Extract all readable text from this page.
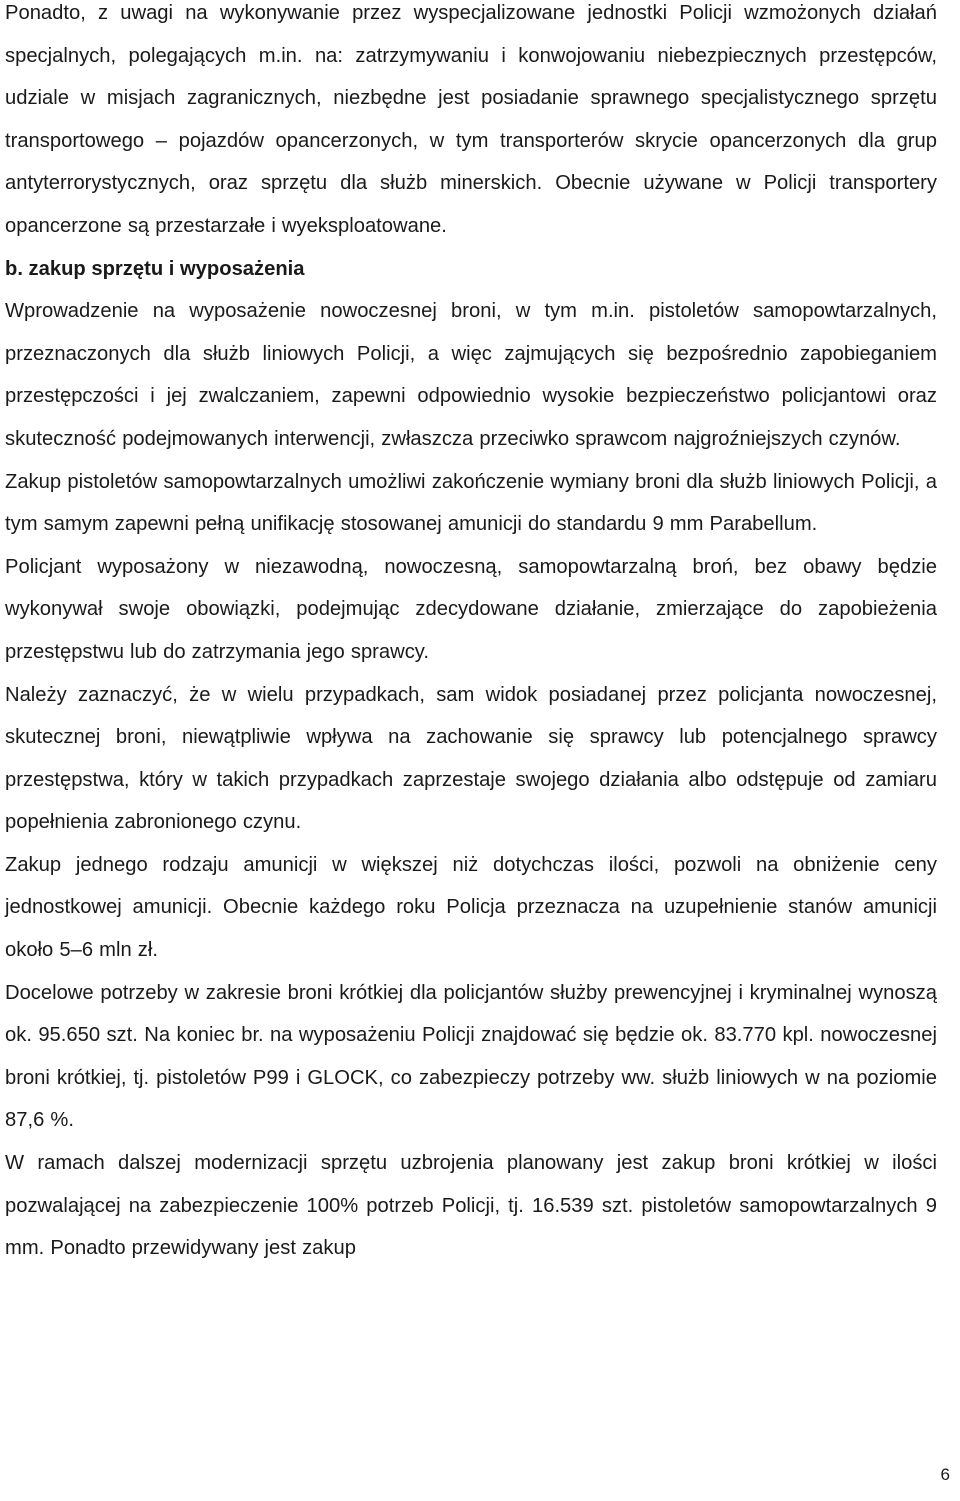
Ponadto, z uwagi na wykonywanie przez wyspecjalizowane jednostki Policji wzmożonych działań specjalnych, polegających m.in. na: zatrzymywaniu i konwojowaniu niebezpiecznych przestępców, udziale w misjach zagranicznych, niezbędne jest posiadanie sprawnego specjalistycznego sprzętu transportowego – pojazdów opancerzonych, w tym transporterów skrycie opancerzonych dla grup antyterrorystycznych, oraz sprzętu dla służb minerskich. Obecnie używane w Policji transportery opancerzone są przestarzałe i wyeksploatowane.

b. zakup sprzętu i wyposażenia

Wprowadzenie na wyposażenie nowoczesnej broni, w tym m.in. pistoletów samopowtarzalnych, przeznaczonych dla służb liniowych Policji, a więc zajmujących się bezpośrednio zapobieganiem przestępczości i jej zwalczaniem, zapewni odpowiednio wysokie bezpieczeństwo policjantowi oraz skuteczność podejmowanych interwencji, zwłaszcza przeciwko sprawcom najgroźniejszych czynów.

Zakup pistoletów samopowtarzalnych umożliwi zakończenie wymiany broni dla służb liniowych Policji, a tym samym zapewni pełną unifikację stosowanej amunicji do standardu 9 mm Parabellum.

Policjant wyposażony w niezawodną, nowoczesną, samopowtarzalną broń, bez obawy będzie wykonywał swoje obowiązki, podejmując zdecydowane działanie, zmierzające do zapobieżenia przestępstwu lub do zatrzymania jego sprawcy.

Należy zaznaczyć, że w wielu przypadkach, sam widok posiadanej przez policjanta nowoczesnej, skutecznej broni, niewątpliwie wpływa na zachowanie się sprawcy lub potencjalnego sprawcy przestępstwa, który w takich przypadkach zaprzestaje swojego działania albo odstępuje od zamiaru popełnienia zabronionego czynu.

Zakup jednego rodzaju amunicji w większej niż dotychczas ilości, pozwoli na obniżenie ceny jednostkowej amunicji. Obecnie każdego roku Policja przeznacza na uzupełnienie stanów amunicji około 5–6 mln zł.

Docelowe potrzeby w zakresie broni krótkiej dla policjantów służby prewencyjnej i kryminalnej wynoszą ok. 95.650 szt. Na koniec br. na wyposażeniu Policji znajdować się będzie ok. 83.770 kpl. nowoczesnej broni krótkiej, tj. pistoletów P99 i GLOCK, co zabezpieczy potrzeby ww. służb liniowych w na poziomie 87,6 %.

W ramach dalszej modernizacji sprzętu uzbrojenia planowany jest zakup broni krótkiej w ilości pozwalającej na zabezpieczenie 100% potrzeb Policji, tj. 16.539 szt. pistoletów samopowtarzalnych 9 mm. Ponadto przewidywany jest zakup

6
